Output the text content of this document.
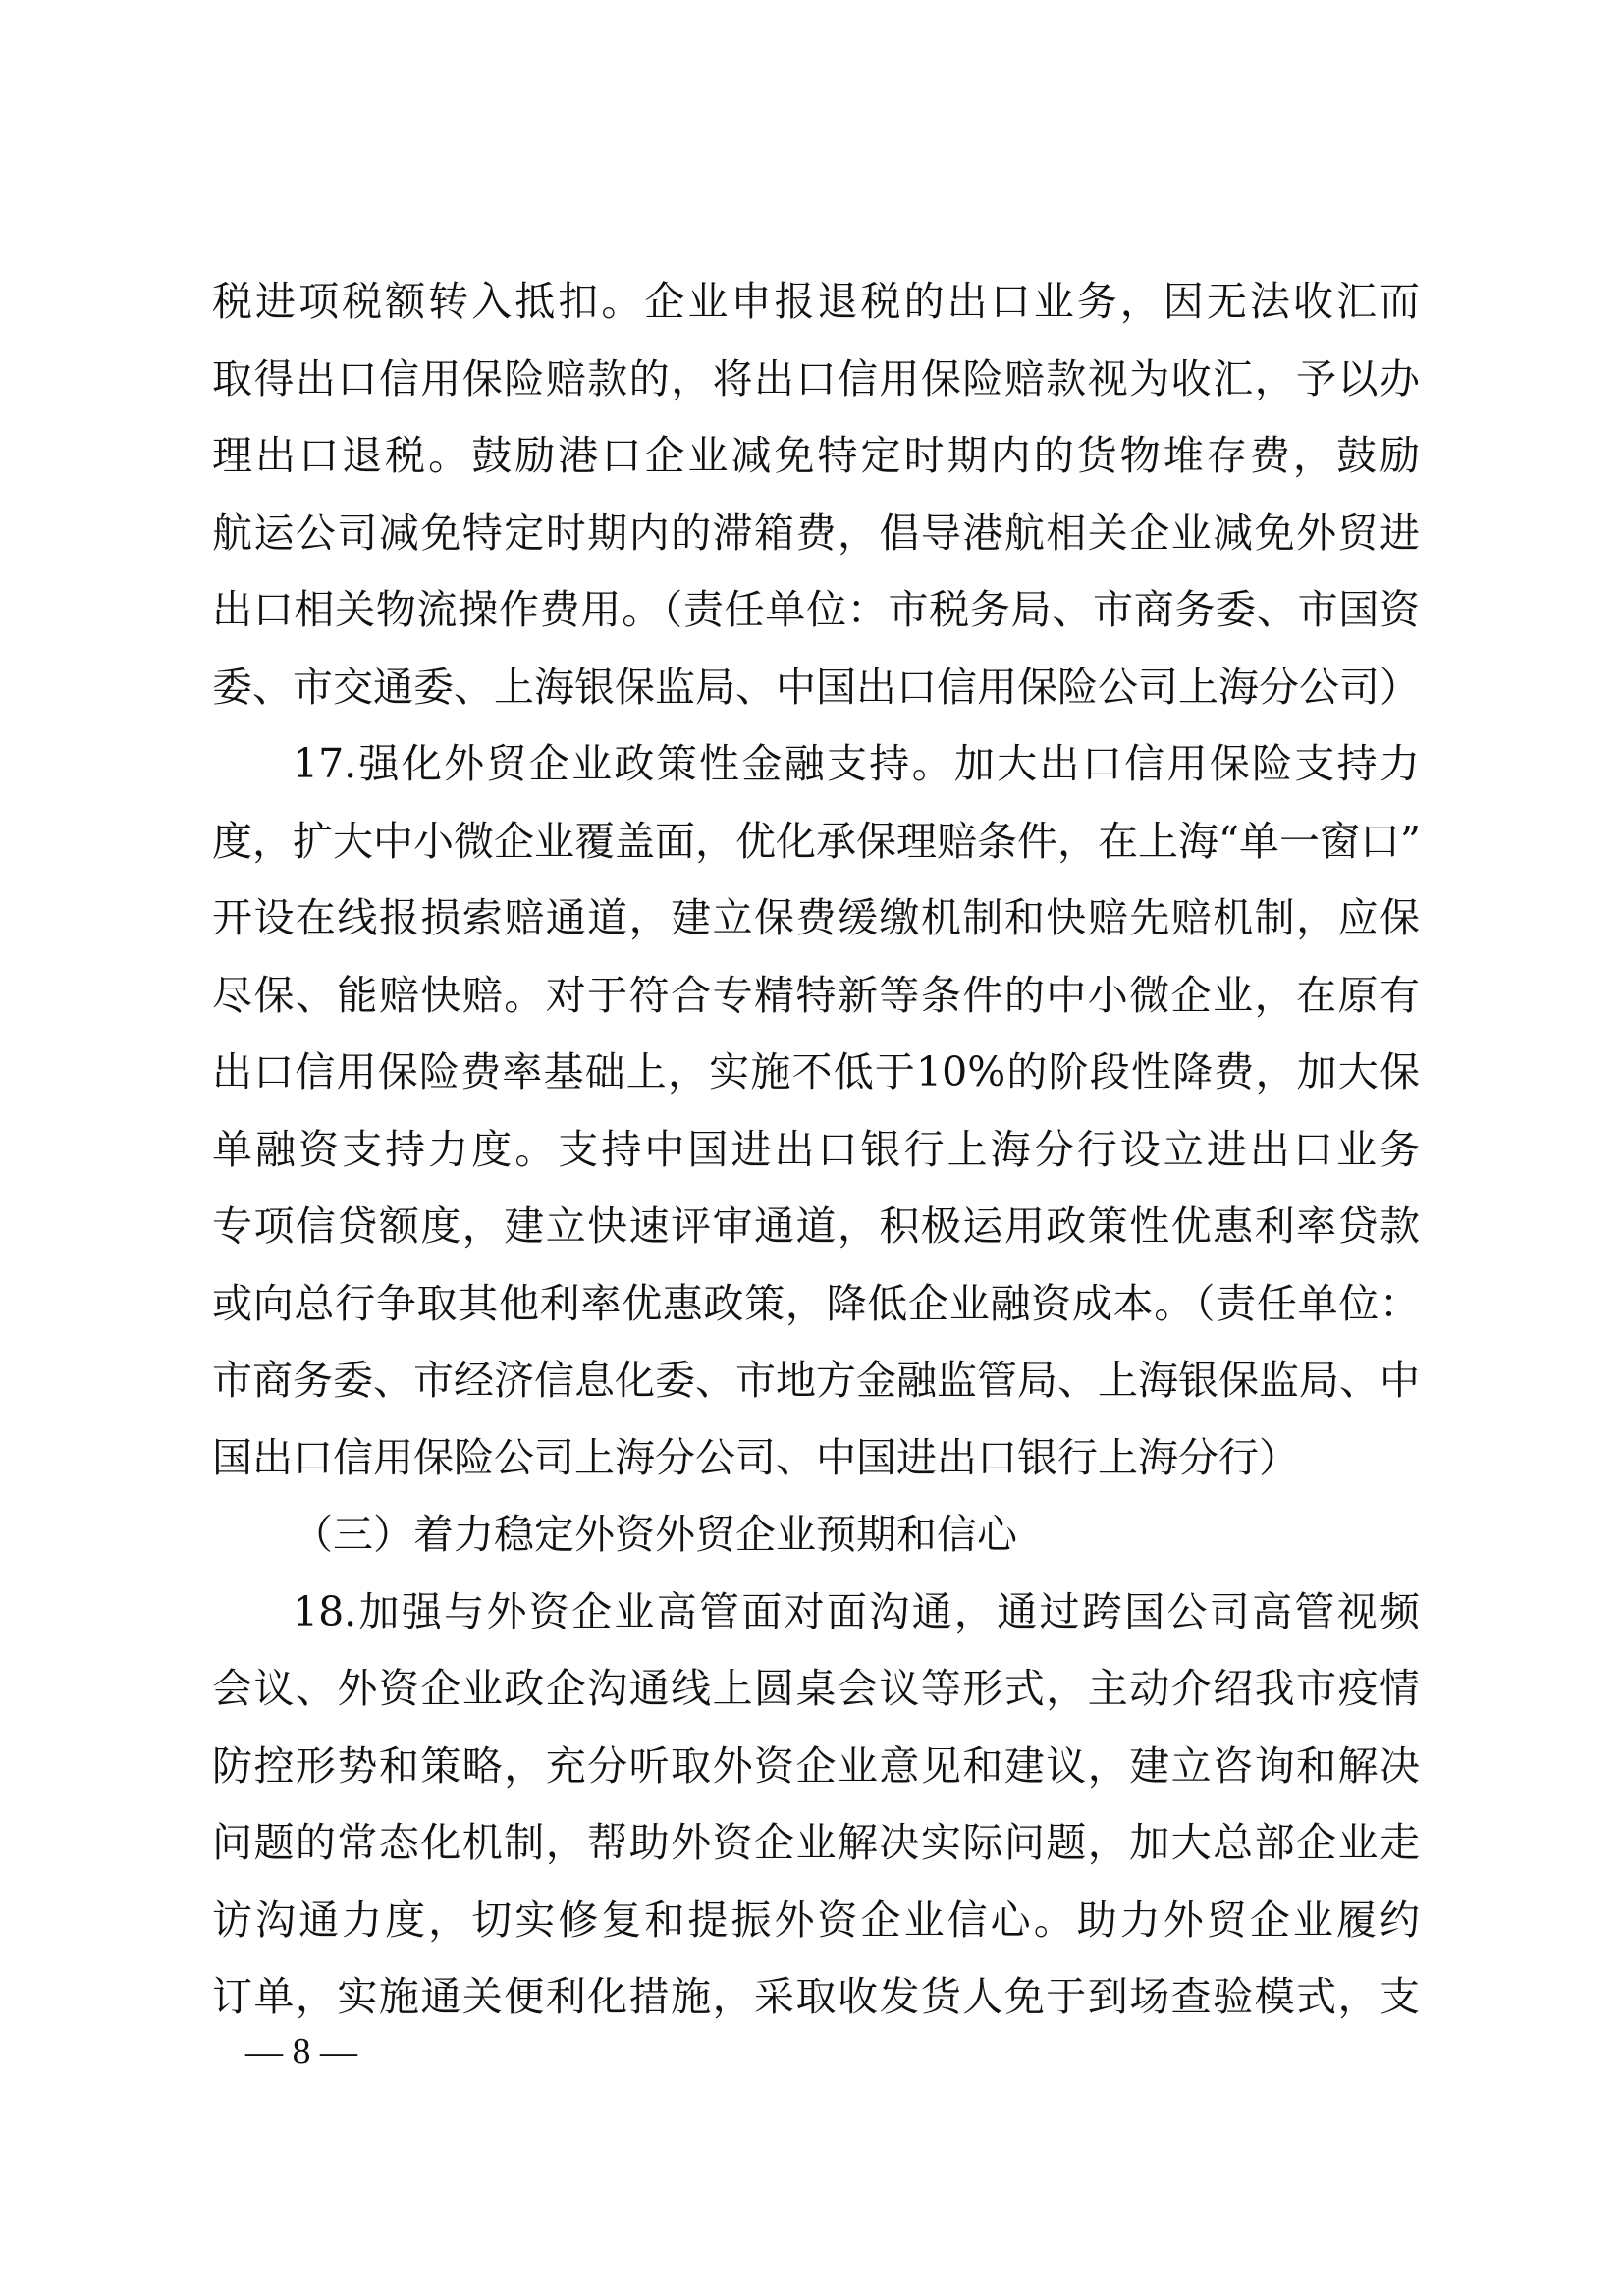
税进项税额转入抵扣。企业申报退税的出口业务，因无法收汇而
取得出口信用保险赔款的，将出口信用保险赔款视为收汇，予以办
理出口退税。鼓励港口企业减免特定时期内的货物堆存费，鼓励
航运公司减免特定时期内的滞箱费，倡导港航相关企业减免外贸进
出口相关物流操作费用。（责任单位：市税务局、市商务委、市国资
委、市交通委、上海银保监局、中国出口信用保险公司上海分公司）
17.强化外贸企业政策性金融支持。加大出口信用保险支持力
度，扩大中小微企业覆盖面，优化承保理赔条件，在上海“单一窗口”
开设在线报损索赔通道，建立保费缓缴机制和快赔先赔机制，应保
尽保、能赔快赔。对于符合专精特新等条件的中小微企业，在原有
出口信用保险费率基础上，实施不低于10%的阶段性降费，加大保
单融资支持力度。支持中国进出口银行上海分行设立进出口业务
专项信贷额度，建立快速评审通道，积极运用政策性优惠利率贷款
或向总行争取其他利率优惠政策，降低企业融资成本。（责任单位：
市商务委、市经济信息化委、市地方金融监管局、上海银保监局、中
国出口信用保险公司上海分公司、中国进出口银行上海分行）
（三）着力稳定外资外贸企业预期和信心
18.加强与外资企业高管面对面沟通，通过跨国公司高管视频
会议、外资企业政企沟通线上圆桌会议等形式，主动介绍我市疫情
防控形势和策略，充分听取外资企业意见和建议，建立咨询和解决
问题的常态化机制，帮助外资企业解决实际问题，加大总部企业走
访沟通力度，切实修复和提振外资企业信心。助力外贸企业履约
订单，实施通关便利化措施，采取收发货人免于到场查验模式，支
— 8 —
